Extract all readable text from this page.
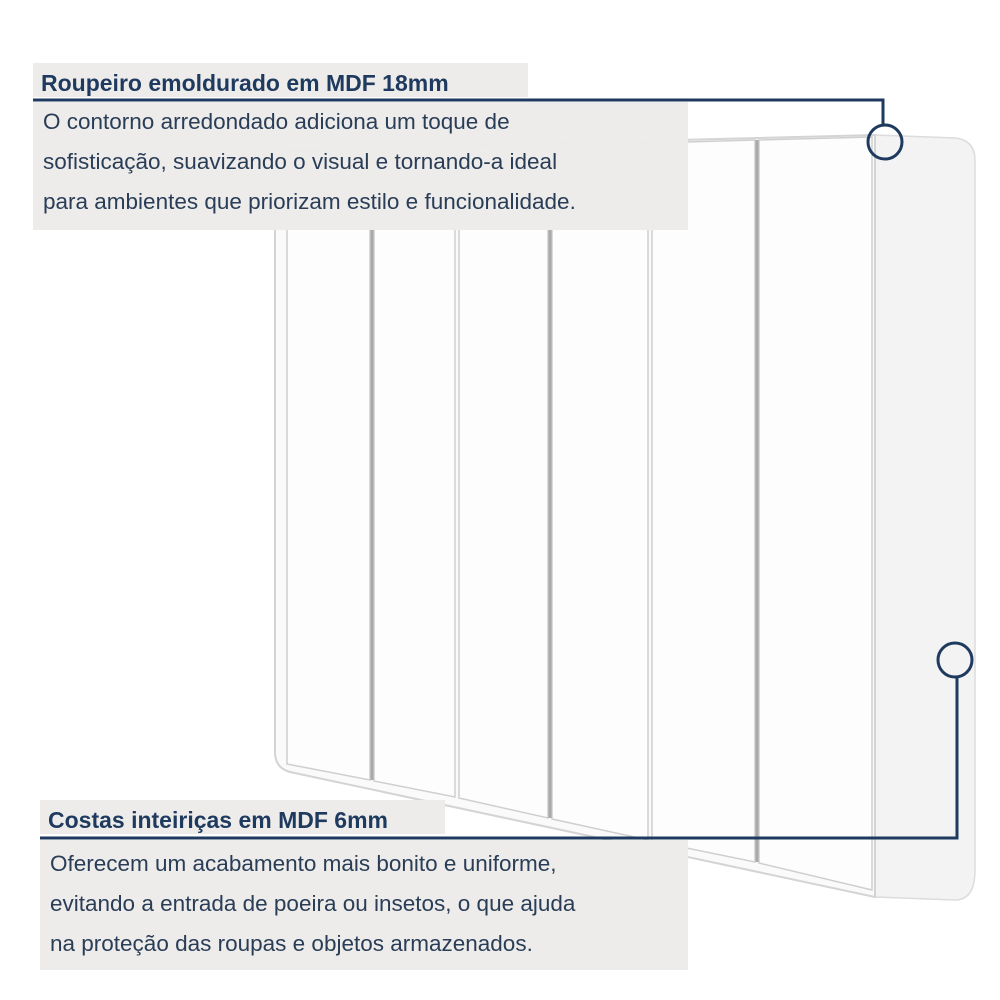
Roupeiro emoldurado em MDF 18mm
O contorno arredondado adiciona um toque de
sofisticação, suavizando o visual e tornando-a ideal
para ambientes que priorizam estilo e funcionalidade.
Costas inteiriças em MDF 6mm
Oferecem um acabamento mais bonito e uniforme,
evitando a entrada de poeira ou insetos, o que ajuda
na proteção das roupas e objetos armazenados.
